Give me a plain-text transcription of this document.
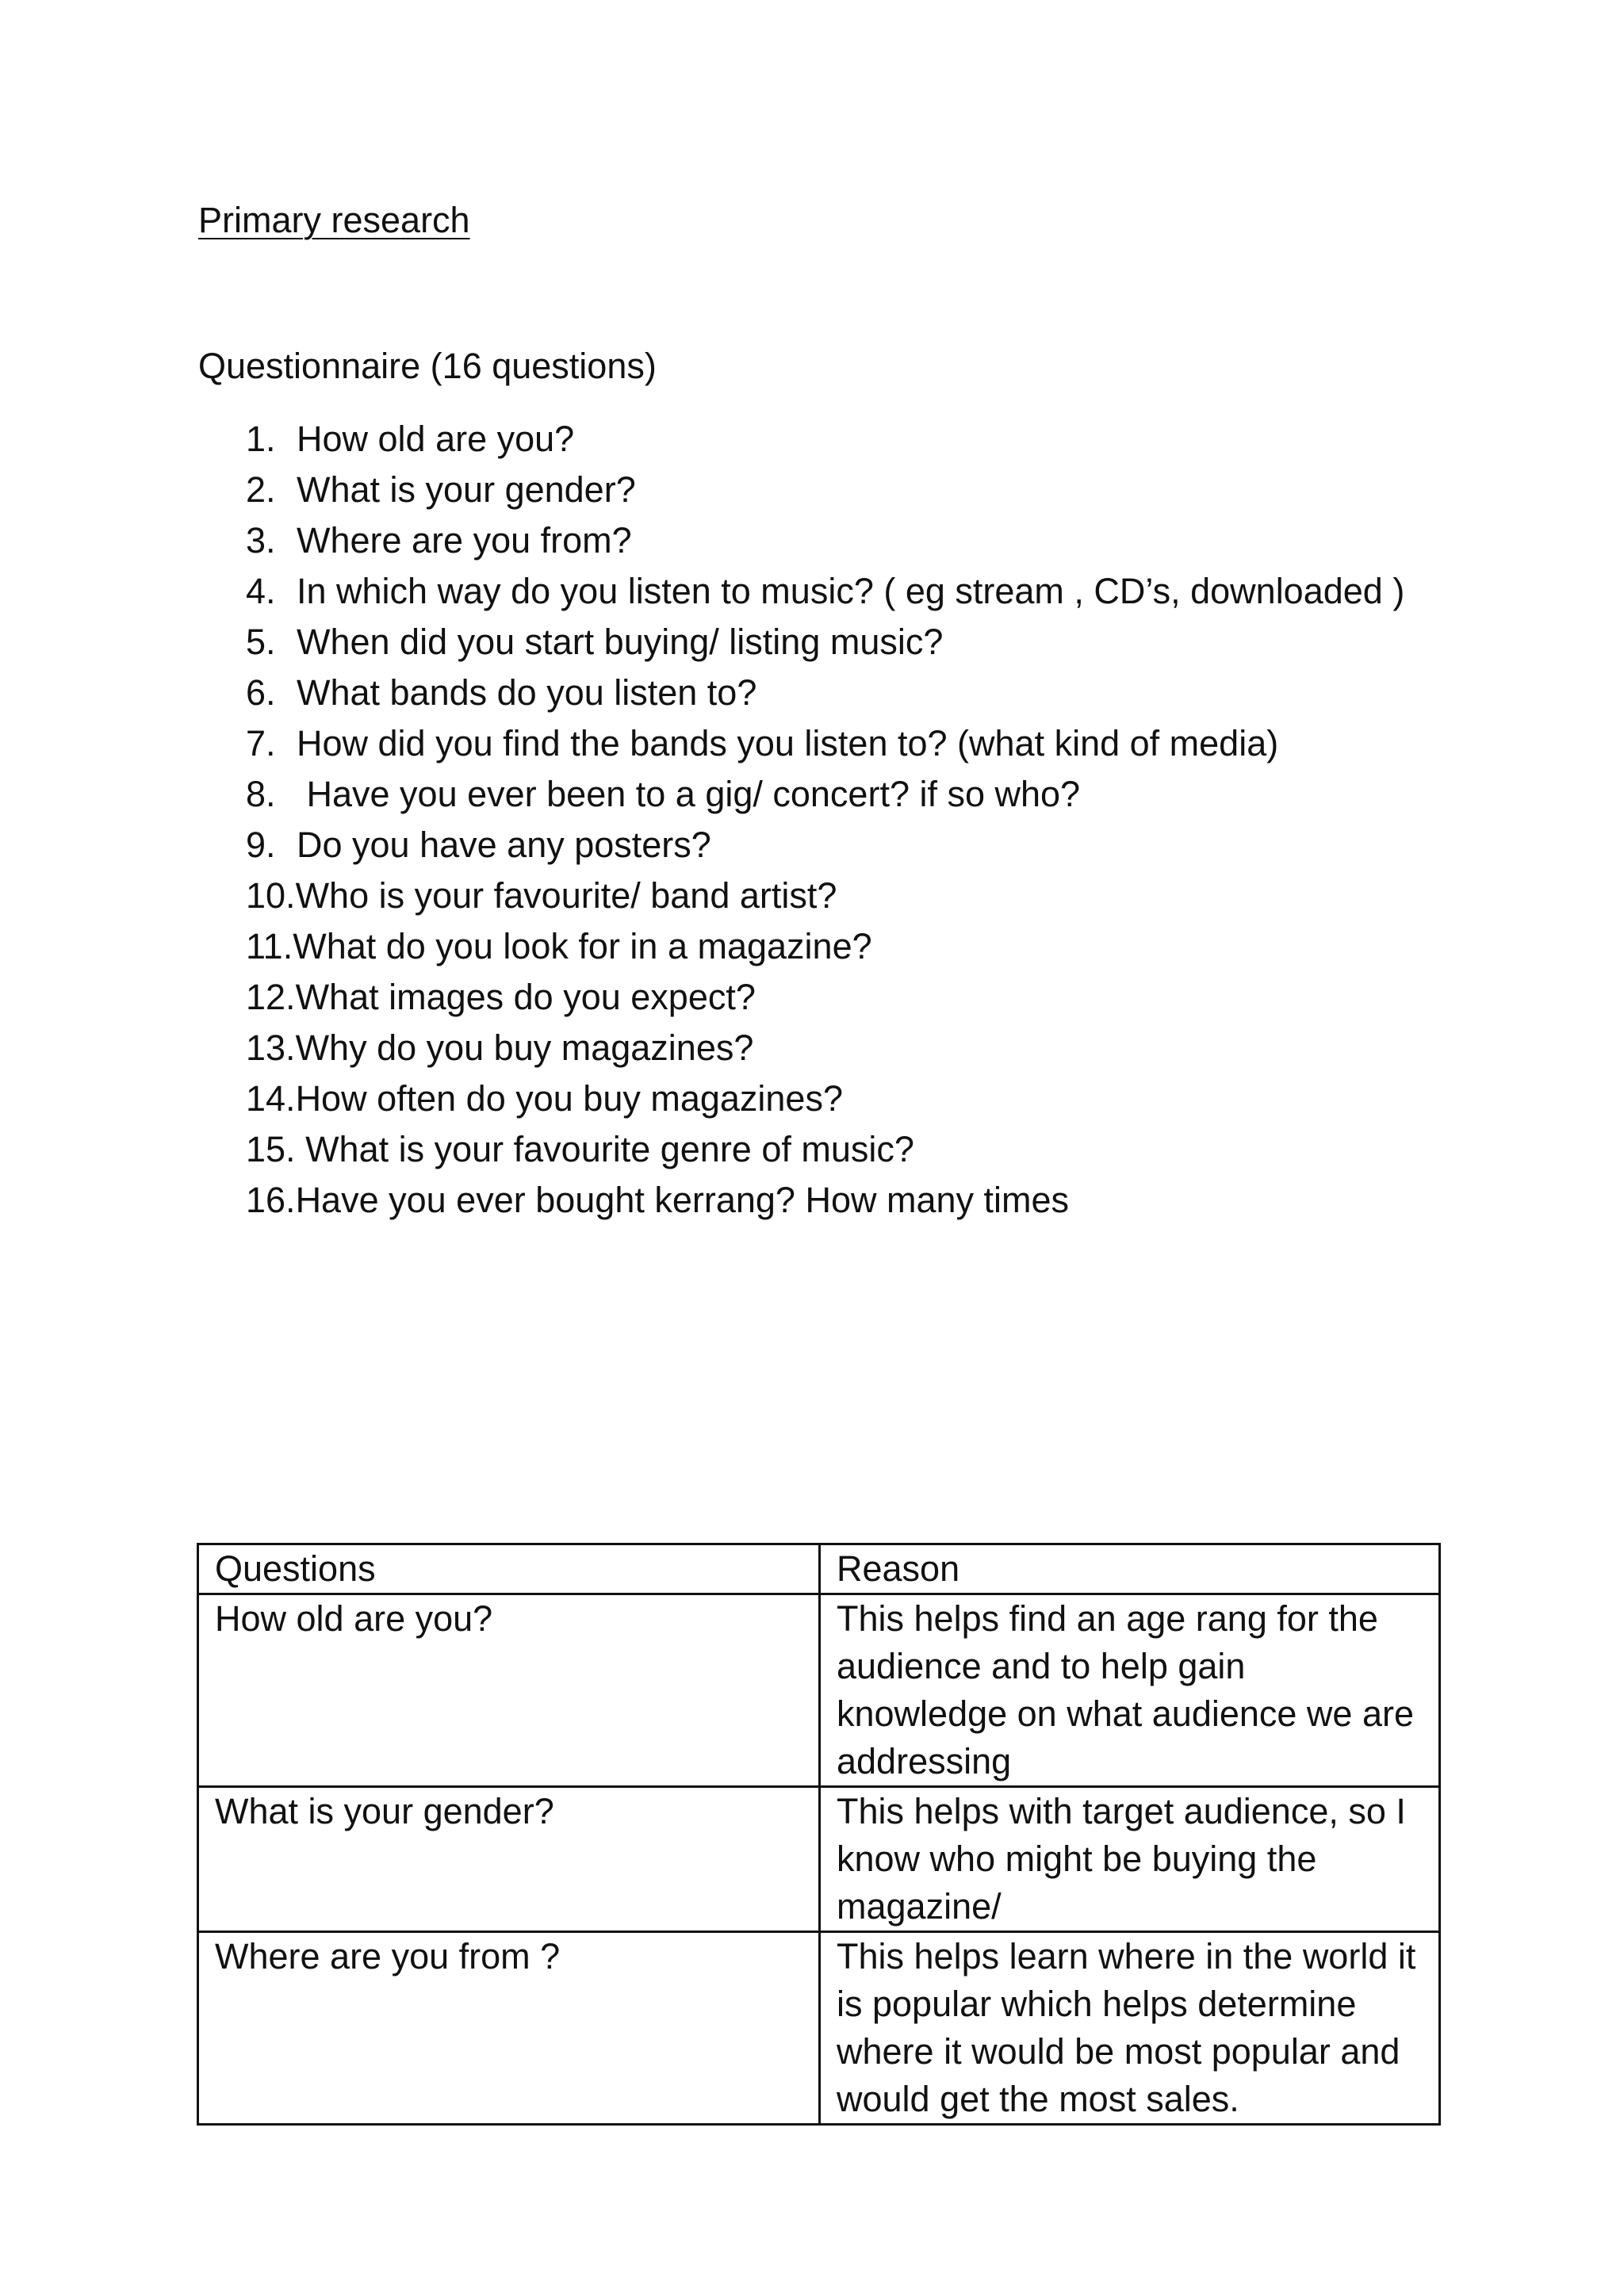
Primary research
Questionnaire (16 questions)
1. How old are you?
2. What is your gender?
3. Where are you from?
4. In which way do you listen to music? ( eg stream , CD’s, downloaded )
5. When did you start buying/ listing music?
6. What bands do you listen to?
7. How did you find the bands you listen to? (what kind of media)
8. Have you ever been to a gig/ concert? if so who?
9. Do you have any posters?
10. Who is your favourite/ band artist?
11. What do you look for in a magazine?
12. What images do you expect?
13. Why do you buy magazines?
14. How often do you buy magazines?
15. What is your favourite genre of music?
16. Have you ever bought kerrang? How many times
Questions	Reason
How old are you?	This helps find an age rang for the audience and to help gain knowledge on what audience we are addressing
What is your gender?	This helps with target audience, so I know who might be buying the magazine/
Where are you from ?	This helps learn where in the world it is popular which helps determine where it would be most popular and would get the most sales.
